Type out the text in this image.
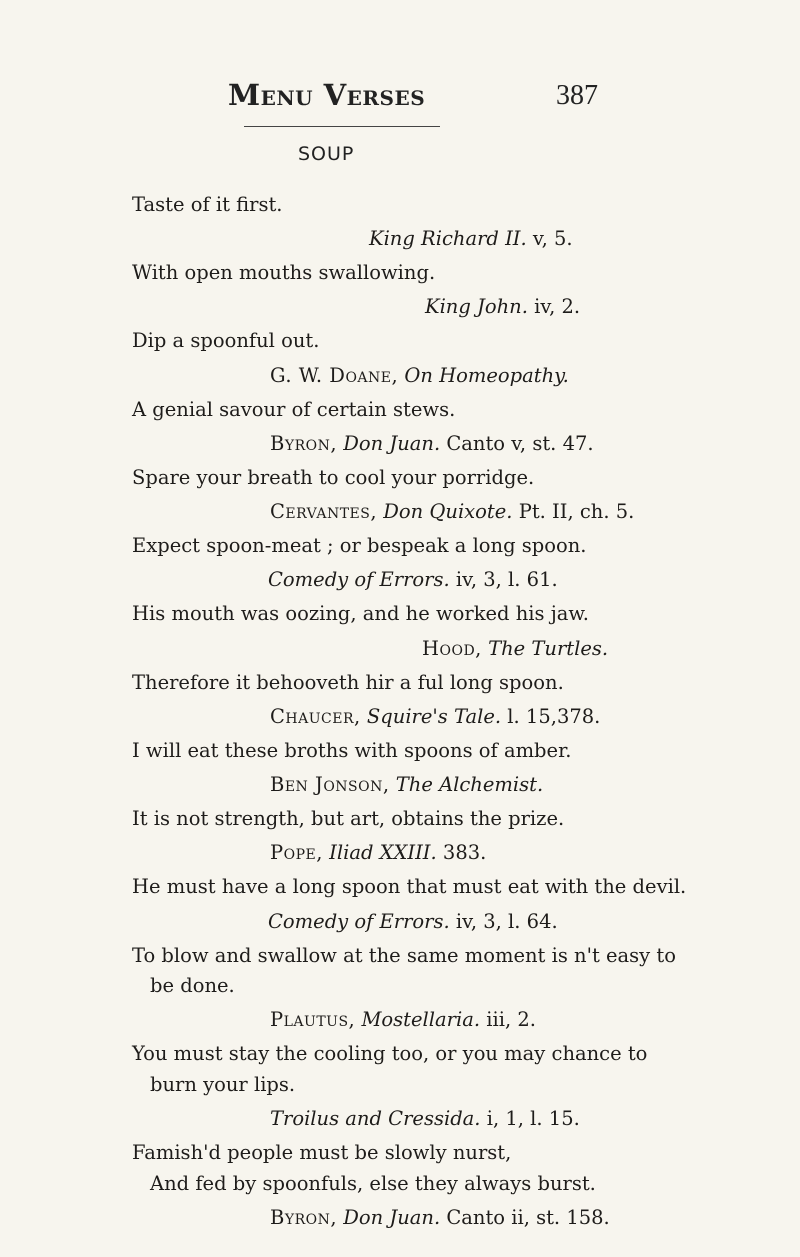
Menu Verses	387
SOUP
Taste of it first.
King Richard II. v, 5.
With open mouths swallowing.
King John. iv, 2.
Dip a spoonful out.
G. W. Doane, On Homeopathy.
A genial savour of certain stews.
Byron, Don Juan. Canto v, st. 47.
Spare your breath to cool your porridge.
Cervantes, Don Quixote. Pt. II, ch. 5.
Expect spoon-meat ; or bespeak a long spoon.
Comedy of Errors. iv, 3, l. 61.
His mouth was oozing, and he worked his jaw.
Hood, The Turtles.
Therefore it behooveth hir a ful long spoon.
Chaucer, Squire's Tale. l. 15,378.
I will eat these broths with spoons of amber.
Ben Jonson, The Alchemist.
It is not strength, but art, obtains the prize.
Pope, Iliad XXIII. 383.
He must have a long spoon that must eat with the devil.
Comedy of Errors. iv, 3, l. 64.
To blow and swallow at the same moment is n't easy to
be done.
Plautus, Mostellaria. iii, 2.
You must stay the cooling too, or you may chance to
burn your lips.
Troilus and Cressida. i, 1, l. 15.
Famish'd people must be slowly nurst,
And fed by spoonfuls, else they always burst.
Byron, Don Juan. Canto ii, st. 158.
